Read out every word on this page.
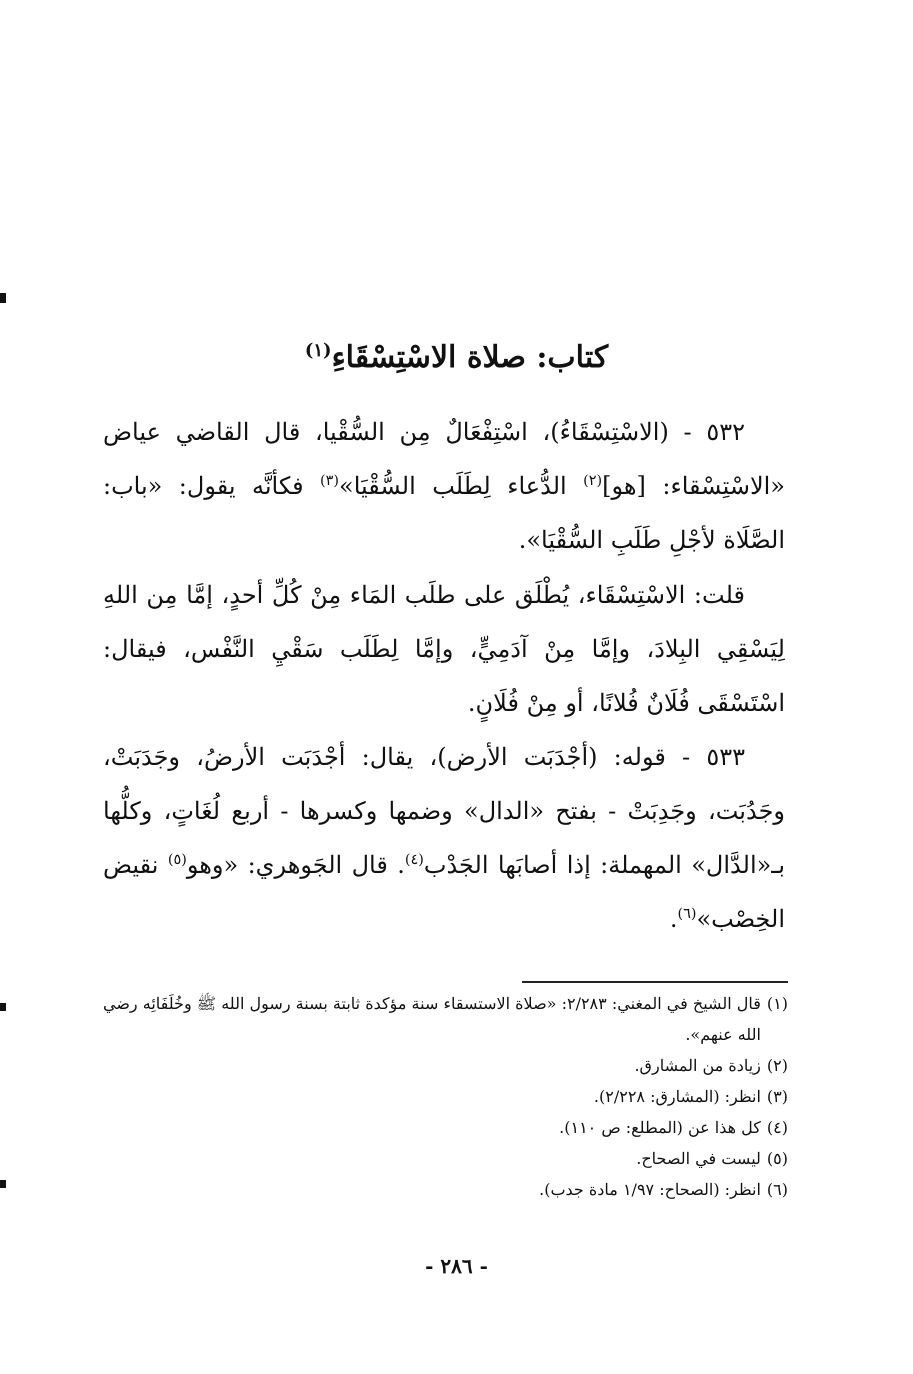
كتاب: صلاة الاسْتِسْقَاءِ$^{(١)}$

٥٣٢ - (الاسْتِسْقَاءُ)، اسْتِفْعَالٌ مِن السُّقْيا، قال القاضي عياض «الاسْتِسْقاء: [هو]$^{(٢)}$ الدُّعاء لِطَلَب السُّقْيَا»$^{(٣)}$ فكأنَّه يقول: «باب: الصَّلَاة لأجْلِ طَلَبِ السُّقْيَا».

قلت: الاسْتِسْقَاء، يُطْلَق على طلَب المَاء مِنْ كُلِّ أحدٍ، إمَّا مِن اللهِ لِيَسْقِي البِلادَ، وإمَّا مِنْ آدَمِيٍّ، وإمَّا لِطَلَب سَقْيِ النَّفْس، فيقال: اسْتَسْقَى فُلَانٌ فُلانًا، أو مِنْ فُلَانٍ.

٥٣٣ - قوله: (أجْدَبَت الأرض)، يقال: أجْدَبَت الأرضُ، وجَدَبَتْ، وجَدُبَت، وجَدِبَتْ - بفتح «الدال» وضمها وكسرها - أربع لُغَاتٍ، وكلُّها بـ«الدَّال» المهملة: إذا أصابَها الجَدْب$^{(٤)}$. قال الجَوهري: «وهو$^{(٥)}$ نقيض الخِصْب»$^{(٦)}$.

(١)
قال الشيخ في المغني: ٢/٢٨٣: «صلاة الاستسقاء سنة مؤكدة ثابتة بسنة رسول الله ﷺ وخُلَفَائِه رضي الله عنهم».
(٢)
زيادة من المشارق.
(٣)
انظر: (المشارق: ٢/٢٢٨).
(٤)
كل هذا عن (المطلع: ص ١١٠).
(٥)
ليست في الصحاح.
(٦)
انظر: (الصحاح: ١/٩٧ مادة جدب).
- ٢٨٦ -
